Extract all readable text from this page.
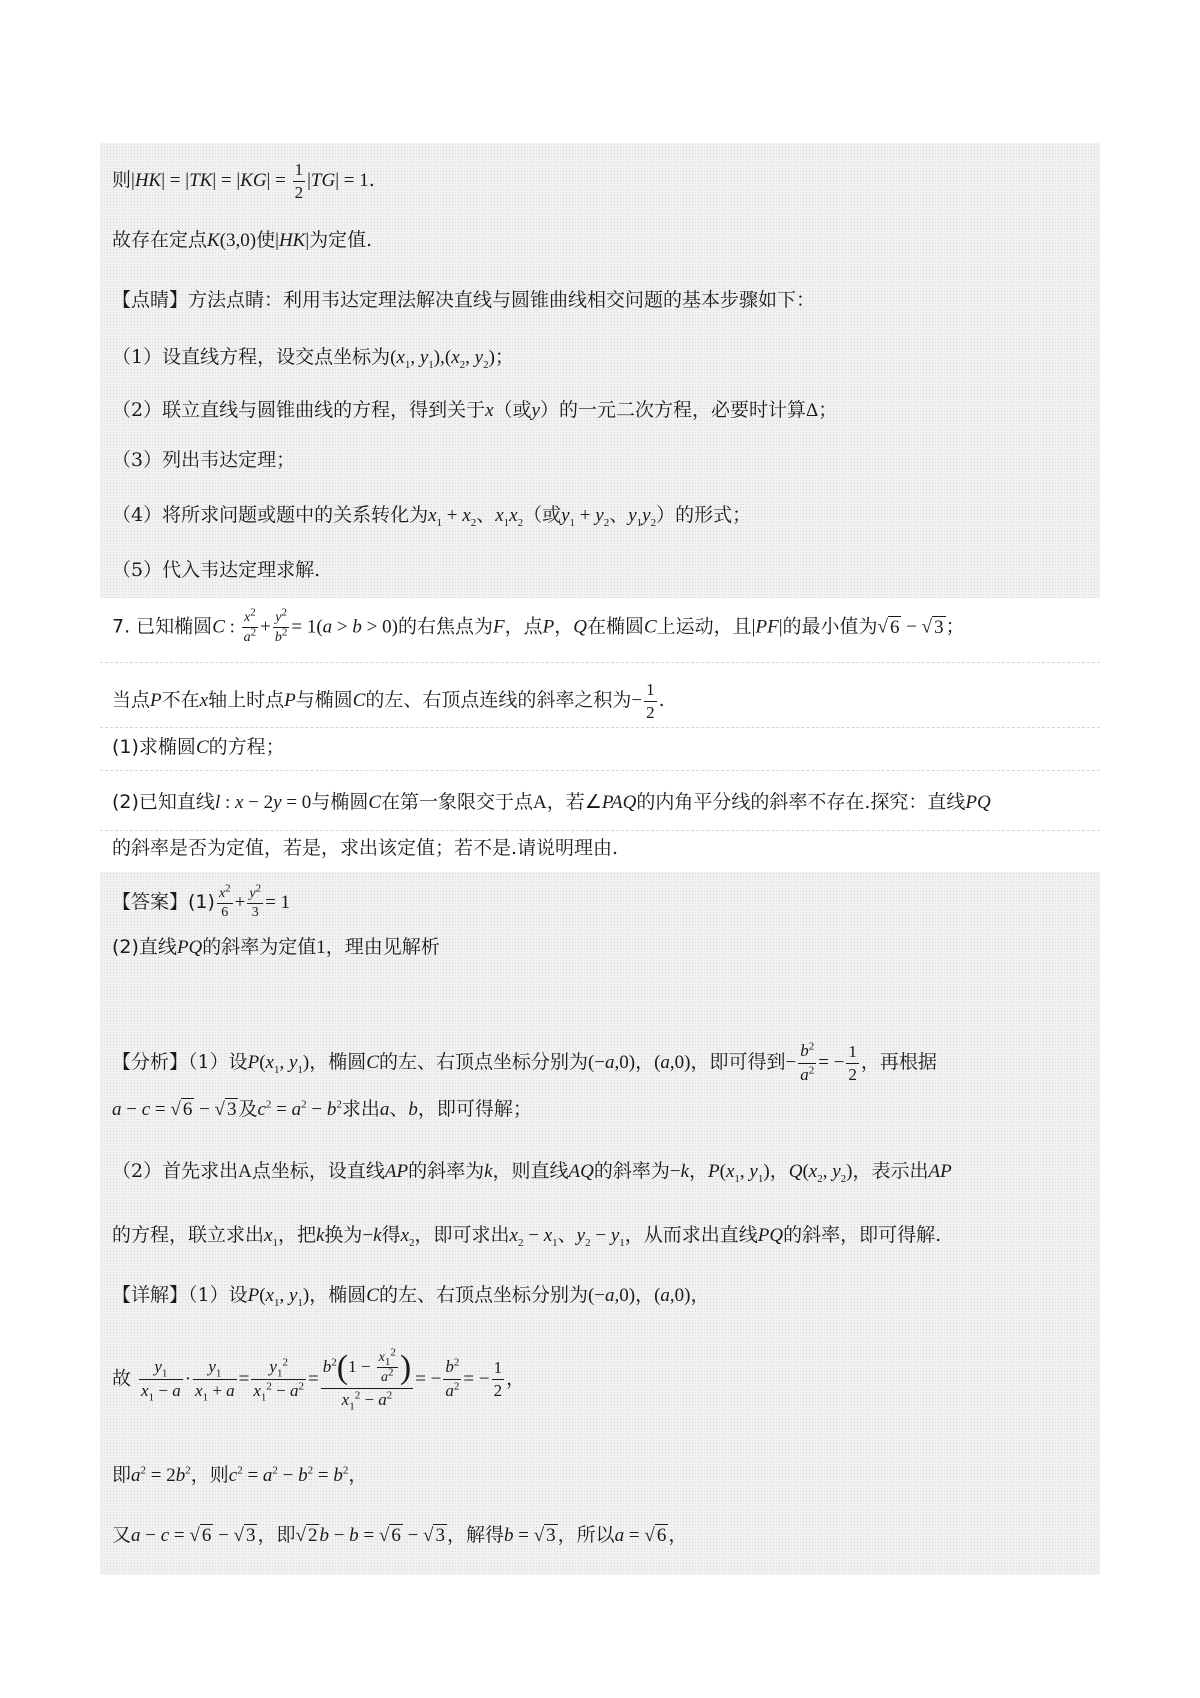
则$|HK| = |TK| = |KG| = \frac{1}{2} |TG| = 1$.
故存在定点K(3,0)使|HK|为定值.
【点睛】方法点睛：利用韦达定理法解决直线与圆锥曲线相交问题的基本步骤如下：
（1）设直线方程，设交点坐标为($x_1$, $y_1),(x_2$, $y_2$)；
（2）联立直线与圆锥曲线的方程，得到关于x（或y）的一元二次方程，必要时计算Δ；
（3）列出韦达定理；
（4）将所求问题或题中的关系转化为$x_1 + x_2$、$x_1x_2$（或$y_1 + y_2$、$y_1y_2$）的形式；
（5）代入韦达定理求解.
7. 已知椭圆C : $\frac{x^2}{a^2} + \frac{y^2}{b^2} = 1(a > b > 0)$的右焦点为F，点P，Q在椭圆C上运动，且|PF|的最小值为√ 6 − √ 3 ；
当点P不在x轴上时点P与椭圆C的左、右顶点连线的斜率之积为− $\frac{1}{2}$ .
(1)求椭圆C的方程；
(2)已知直线l : x − 2y = 0与椭圆C在第一象限交于点A，若∠PAQ的内角平分线的斜率不存在.探究：直线PQ
的斜率是否为定值，若是，求出该定值；若不是.请说明理由.
【答案】$(1) \frac{x^2}{6} + \frac{y^2}{3} = 1$
(2)直线PQ的斜率为定值1，理由见解析
【分析】（1）设$P(x_1$, $y_1$)，椭圆C的左、右顶点坐标分别为(−a,0)，(a,0)，即可得到− $\frac{b^2}{a^2}$ = − $\frac{1}{2}$ ，再根据
a − c = √ 6 − √ 3 及$c^2 = a^2 - b^2$求出a、b，即可得解；
（2）首先求出A点坐标，设直线AP的斜率为k，则直线AQ的斜率为−k，$P(x_1$, $y_1$)，$Q(x_2$, $y_2$)，表示出AP
的方程，联立求出$x_1$，把k换为−k得$x_2$，即可求出$x_2 - x_1$、$y_2 - y_1$，从而求出直线PQ的斜率，即可得解.
【详解】（1）设$P(x_1$, $y_1$)，椭圆C的左、右顶点坐标分别为(−a,0)，(a,0)，
故 $\frac{y_1}{x_1 - a} \cdot \frac{y_1}{x_1 + a} = \frac{y_1^2}{x_1^2 - a^2} = \frac{b^2(1 - \frac{x_1^2}{a^2} )}{x_1^2 - a^2}$ = − $\frac{b^2}{a^2}$ = − $\frac{1}{2}$ ，
即$a^2 = 2b^2$，则$c^2 = a^2 - b^2 = b^2$，
又a − c = √ 6 − √ 3 ，即√ 2 b − b = √ 6 − √ 3 ，解得b = √ 3 ，所以a = √ 6 ，
